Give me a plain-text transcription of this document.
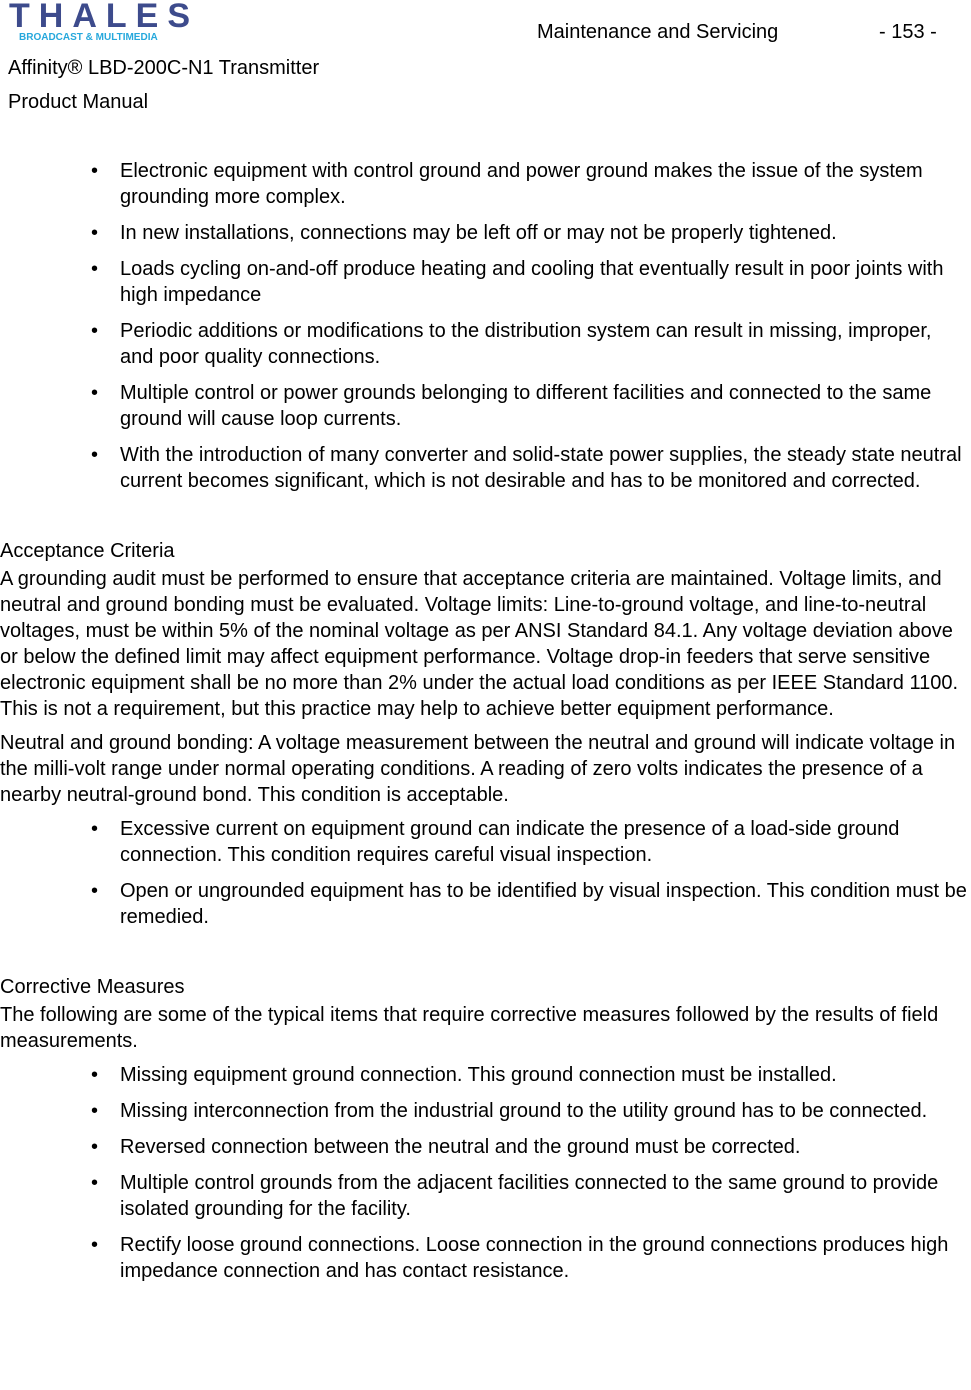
THALES
BROADCAST & MULTIMEDIA	Maintenance and Servicing	- 153 -
Affinity® LBD-200C-N1 Transmitter
Product Manual
• Electronic equipment with control ground and power ground makes the issue of the system grounding more complex.
• In new installations, connections may be left off or may not be properly tightened.
• Loads cycling on-and-off produce heating and cooling that eventually result in poor joints with high impedance
• Periodic additions or modifications to the distribution system can result in missing, improper, and poor quality connections.
• Multiple control or power grounds belonging to different facilities and connected to the same ground will cause loop currents.
• With the introduction of many converter and solid-state power supplies, the steady state neutral current becomes significant, which is not desirable and has to be monitored and corrected.
Acceptance Criteria

A grounding audit must be performed to ensure that acceptance criteria are maintained. Voltage limits, and neutral and ground bonding must be evaluated. Voltage limits: Line-to-ground voltage, and line-to-neutral voltages, must be within 5% of the nominal voltage as per ANSI Standard 84.1. Any voltage deviation above or below the defined limit may affect equipment performance. Voltage drop-in feeders that serve sensitive electronic equipment shall be no more than 2% under the actual load conditions as per IEEE Standard 1100. This is not a requirement, but this practice may help to achieve better equipment performance.

Neutral and ground bonding: A voltage measurement between the neutral and ground will indicate voltage in the milli-volt range under normal operating conditions. A reading of zero volts indicates the presence of a nearby neutral-ground bond. This condition is acceptable.

• Excessive current on equipment ground can indicate the presence of a load-side ground connection. This condition requires careful visual inspection.
• Open or ungrounded equipment has to be identified by visual inspection. This condition must be remedied.
Corrective Measures

The following are some of the typical items that require corrective measures followed by the results of field measurements.

• Missing equipment ground connection. This ground connection must be installed.
• Missing interconnection from the industrial ground to the utility ground has to be connected.
• Reversed connection between the neutral and the ground must be corrected.
• Multiple control grounds from the adjacent facilities connected to the same ground to provide isolated grounding for the facility.
• Rectify loose ground connections. Loose connection in the ground connections produces high impedance connection and has contact resistance.
